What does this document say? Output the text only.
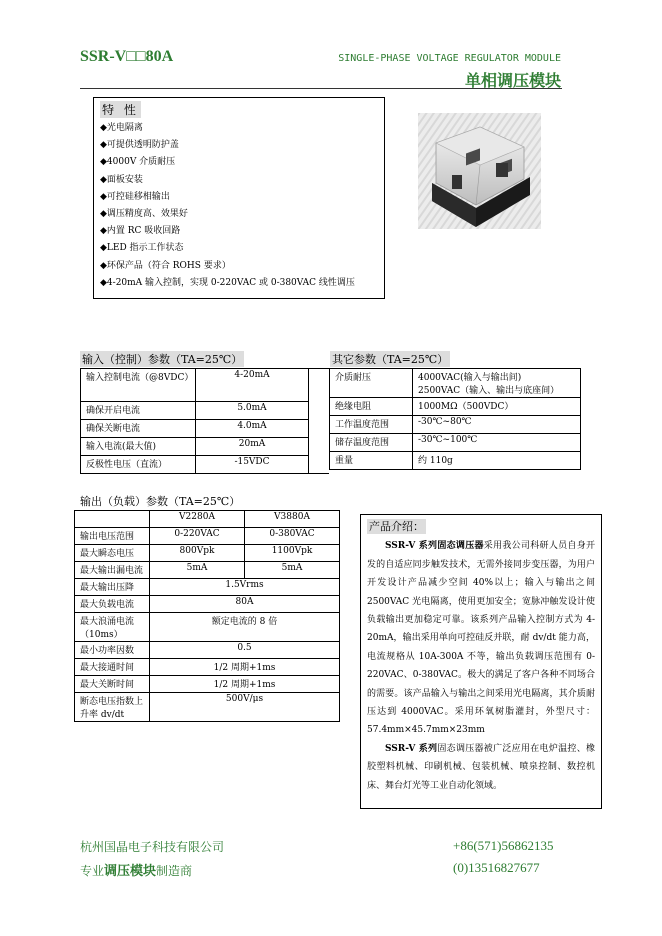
SSR-V□□80A	SINGLE-PHASE VOLTAGE REGULATOR MODULE
单相调压模块
特 性
◆光电隔离
◆可提供透明防护盖
◆4000V 介质耐压
◆面板安装
◆可控硅移相输出
◆调压精度高、效果好
◆内置 RC 吸收回路
◆LED 指示工作状态
◆环保产品（符合 ROHS 要求）
◆4-20mA 输入控制，实现 0-220VAC 或 0-380VAC 线性调压
输入（控制）参数（TA=25℃）	其它参数（TA=25℃）
输入控制电流（@8VDC）	4-20mA
确保开启电流	5.0mA
确保关断电流	4.0mA
输入电流(最大值)	20mA
反极性电压（直流）	-15VDC
介质耐压	4000VAC(输入与输出间)
2500VAC（输入、输出与底座间）

绝缘电阻	1000MΩ（500VDC）
工作温度范围	-30℃~80℃
储存温度范围	-30℃~100℃
重量	约 110g
输出（负载）参数（TA=25℃）
	V2280A	V3880A
输出电压范围	0-220VAC	0-380VAC
最大瞬态电压	800Vpk	1100Vpk
最大输出漏电流	5mA	5mA
最大输出压降	1.5Vrms	
最大负载电流	80A	
最大浪涌电流（10ms）	额定电流的 8 倍	
最小功率因数	0.5	
最大接通时间	1/2 周期+1ms	
最大关断时间	1/2 周期+1ms	
断态电压指数上升率 dv/dt	500V/μs	
产品介绍：

SSR-V 系列固态调压器采用我公司科研人员自身开发的自适应同步触发技术，无需外接同步变压器，为用户开发设计产品减少空间 40%以上；输入与输出之间 2500VAC 光电隔离，使用更加安全；宽脉冲触发设计使负载输出更加稳定可靠。该系列产品输入控制方式为 4-20mA，输出采用单向可控硅反并联，耐 dv/dt 能力高，电流规格从 10A-300A 不等，输出负载调压范围有 0-220VAC、0-380VAC。极大的满足了客户各种不同场合的需要。该产品输入与输出之间采用光电隔离，其介质耐压达到 4000VAC。采用环氧树脂灌封，外型尺寸：57.4mm×45.7mm×23mm

SSR-V 系列固态调压器被广泛应用在电炉温控、橡胶塑料机械、印刷机械、包装机械、喷泉控制、数控机床、舞台灯光等工业自动化领域。

杭州国晶电子科技有限公司	+86(571)56862135
专业调压模块制造商	(0)13516827677
